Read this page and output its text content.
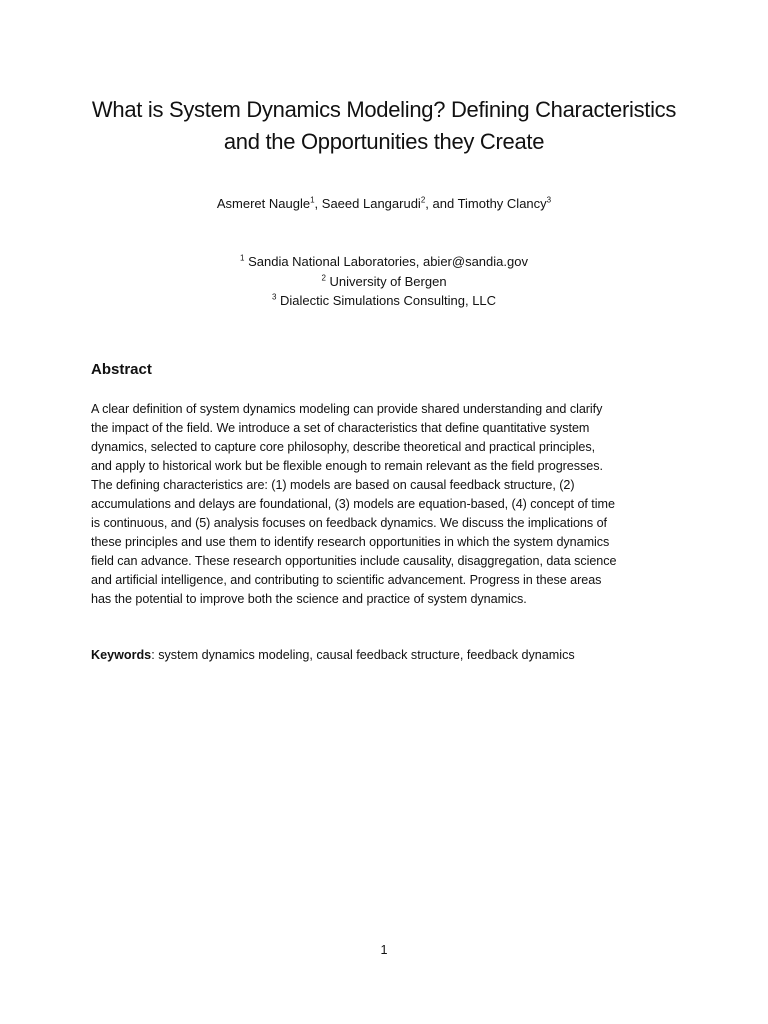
What is System Dynamics Modeling? Defining Characteristics
and the Opportunities they Create
Asmeret Naugle$^1$, Saeed Langarudi$^2$, and Timothy Clancy$^3$
$^1$ Sandia National Laboratories, abier@sandia.gov
$^2$ University of Bergen
$^3$ Dialectic Simulations Consulting, LLC
Abstract
A clear definition of system dynamics modeling can provide shared understanding and clarify
the impact of the field. We introduce a set of characteristics that define quantitative system
dynamics, selected to capture core philosophy, describe theoretical and practical principles,
and apply to historical work but be flexible enough to remain relevant as the field progresses.
The defining characteristics are: (1) models are based on causal feedback structure, (2)
accumulations and delays are foundational, (3) models are equation-based, (4) concept of time
is continuous, and (5) analysis focuses on feedback dynamics. We discuss the implications of
these principles and use them to identify research opportunities in which the system dynamics
field can advance. These research opportunities include causality, disaggregation, data science
and artificial intelligence, and contributing to scientific advancement. Progress in these areas
has the potential to improve both the science and practice of system dynamics.
Keywords: system dynamics modeling, causal feedback structure, feedback dynamics
1
